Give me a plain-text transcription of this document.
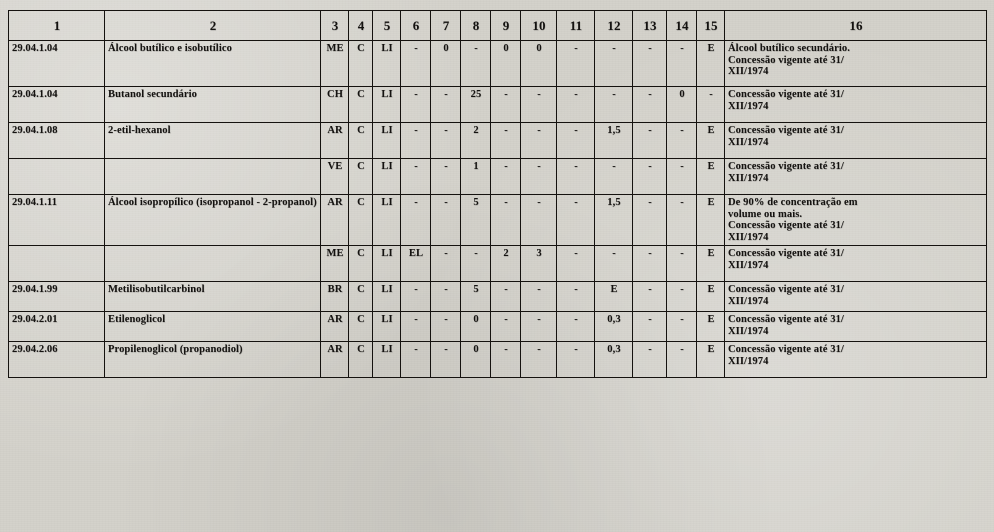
1	2	3	4	5	6	7	8	9	10	11	12	13	14	15	16
29.04.1.04	Álcool butílico e isobutílico	ME	C	LI	-	0	-	0	0	-	-	-	-	E	Álcool butílico secundário.
Concessão vigente até 31/
XII/1974

29.04.1.04	Butanol secundário	CH	C	LI	-	-	25	-	-	-	-	-	0	-	Concessão vigente até 31/
XII/1974

29.04.1.08	2-etil-hexanol	AR	C	LI	-	-	2	-	-	-	1,5	-	-	E	Concessão vigente até 31/
XII/1974

		VE	C	LI	-	-	1	-	-	-	-	-	-	E	Concessão vigente até 31/
XII/1974

29.04.1.11	Álcool isopropílico (isopropanol - 2-propanol)	AR	C	LI	-	-	5	-	-	-	1,5	-	-	E	De 90% de concentração em
volume ou mais.
Concessão vigente até 31/
XII/1974

		ME	C	LI	EL	-	-	2	3	-	-	-	-	E	Concessão vigente até 31/
XII/1974

29.04.1.99	Metilisobutilcarbinol	BR	C	LI	-	-	5	-	-	-	E	-	-	E	Concessão vigente até 31/
XII/1974

29.04.2.01	Etilenoglicol	AR	C	LI	-	-	0	-	-	-	0,3	-	-	E	Concessão vigente até 31/
XII/1974

29.04.2.06	Propilenoglicol (propanodiol)	AR	C	LI	-	-	0	-	-	-	0,3	-	-	E	Concessão vigente até 31/
XII/1974
